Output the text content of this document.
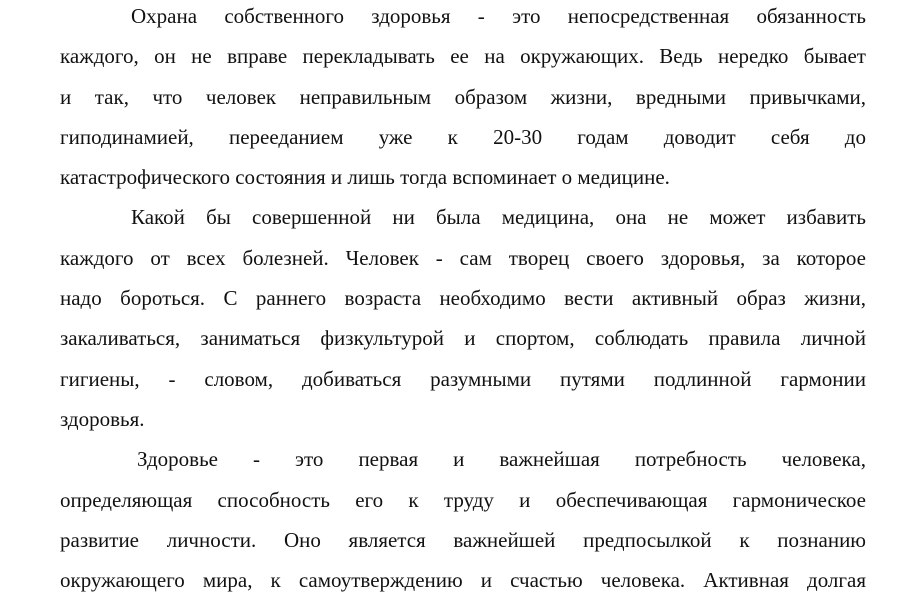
Охрана собственного здоровья - это непосредственная обязанность
каждого, он не вправе перекладывать ее на окружающих. Ведь нередко бывает
и так, что человек неправильным образом жизни, вредными привычками,
гиподинамией, перееданием уже к 20-30 годам доводит себя до
катастрофического состояния и лишь тогда вспоминает о медицине.
Какой бы совершенной ни была медицина, она не может избавить
каждого от всех болезней. Человек - сам творец своего здоровья, за которое
надо бороться. С раннего возраста необходимо вести активный образ жизни,
закаливаться, заниматься физкультурой и спортом, соблюдать правила личной
гигиены, - словом, добиваться разумными путями подлинной гармонии
здоровья.
Здоровье - это первая и важнейшая потребность человека,
определяющая способность его к труду и обеспечивающая гармоническое
развитие личности. Оно является важнейшей предпосылкой к познанию
окружающего мира, к самоутверждению и счастью человека. Активная долгая
